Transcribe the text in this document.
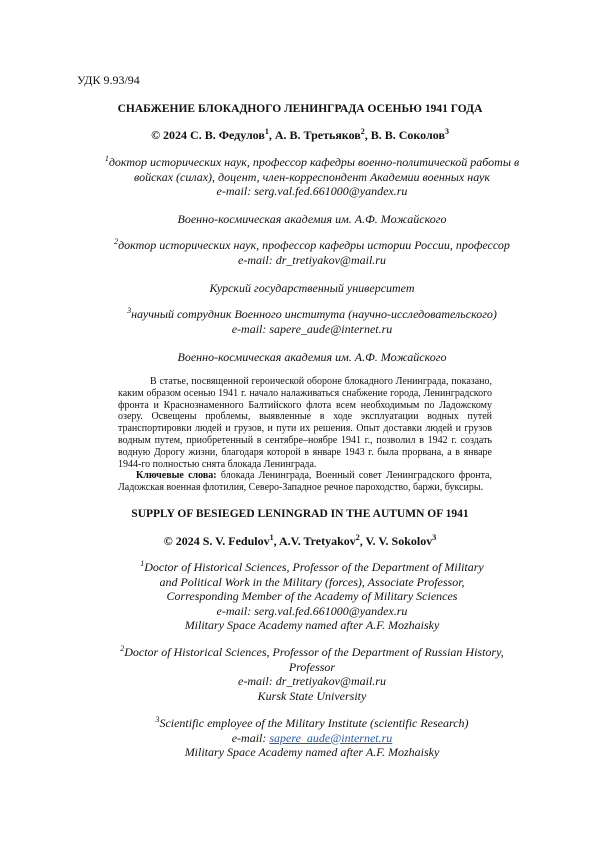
УДК 9.93/94
СНАБЖЕНИЕ БЛОКАДНОГО ЛЕНИНГРАДА ОСЕНЬЮ 1941 ГОДА
© 2024 С. В. Федулов1, А. В. Третьяков2, В. В. Соколов3
1доктор исторических наук, профессор кафедры военно-политической работы в
войсках (силах), доцент, член-корреспондент Академии военных наук
e-mail: serg.val.fed.661000@yandex.ru
Военно-космическая академия им. А.Ф. Можайского
2доктор исторических наук, профессор кафедры истории России, профессор
e-mail: dr_tretiyakov@mail.ru
Курский государственный университет
3научный сотрудник Военного института (научно-исследовательского)
e-mail: sapere_aude@internet.ru
Военно-космическая академия им. А.Ф. Можайского

В статье, посвященной героической обороне блокадного Ленинграда, показано, каким образом осенью 1941 г. начало налаживаться снабжение города, Ленинградского фронта и Краснознаменного Балтийского флота всем необходимым по Ладожскому озеру. Освещены проблемы, выявленные в ходе эксплуатации водных путей транспортировки людей и грузов, и пути их решения. Опыт доставки людей и грузов водным путем, приобретенный в сентябре–ноябре 1941 г., позволил в 1942 г. создать водную Дорогу жизни, благодаря которой в январе 1943 г. была прорвана, а в январе 1944-го полностью снята блокада Ленинграда.

Ключевые слова: блокада Ленинграда, Военный совет Ленинградского фронта, Ладожская военная флотилия, Северо-Западное речное пароходство, баржи, буксиры.
SUPPLY OF BESIEGED LENINGRAD IN THE AUTUMN OF 1941
© 2024 S. V. Fedulov1, A.V. Tretyakov2, V. V. Sokolov3
1Doctor of Historical Sciences, Professor of the Department of Military
and Political Work in the Military (forces), Associate Professor,
Corresponding Member of the Academy of Military Sciences
e-mail: serg.val.fed.661000@yandex.ru
Military Space Academy named after A.F. Mozhaisky
2Doctor of Historical Sciences, Professor of the Department of Russian History,
Professor
e-mail: dr_tretiyakov@mail.ru
Kursk State University
3Scientific employee of the Military Institute (scientific Research)
e-mail: sapere_aude@internet.ru
Military Space Academy named after A.F. Mozhaisky
